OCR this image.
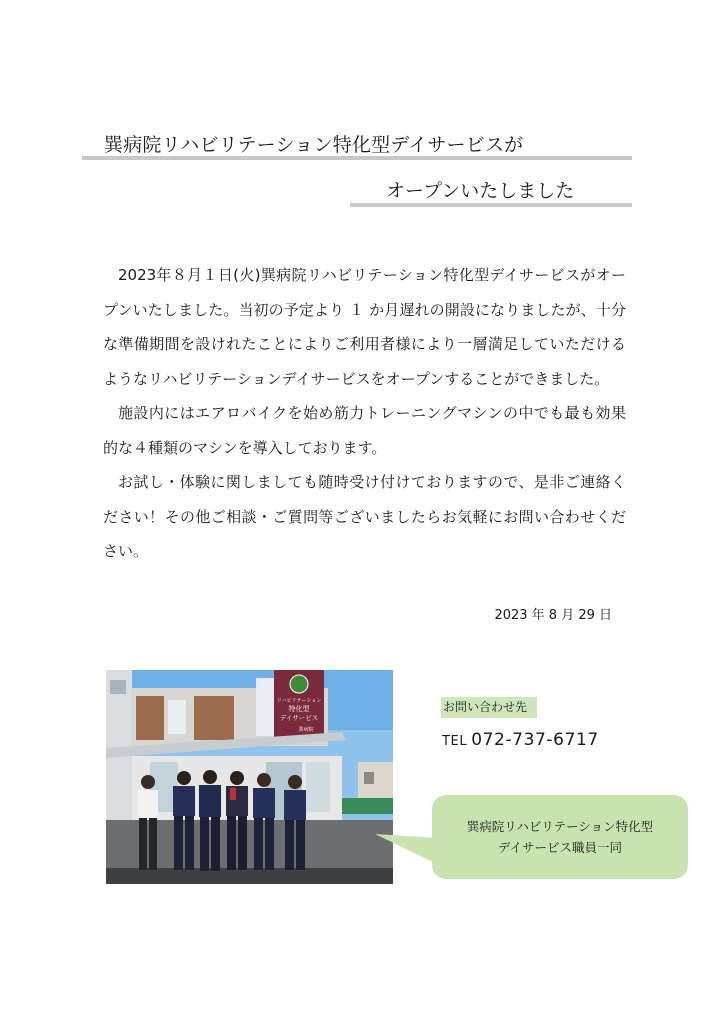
巽病院リハビリテーション特化型デイサービスが
オープンいたしました

2023年８月１日(火)巽病院リハビリテーション特化型デイサービスがオープンいたしました。当初の予定より １ か月遅れの開設になりましたが、十分な準備期間を設けれたことによりご利用者様により一層満足していただけるようなリハビリテーションデイサービスをオープンすることができました。

施設内にはエアロバイクを始め筋力トレーニングマシンの中でも最も効果的な４種類のマシンを導入しております。

お試し・体験に関しましても随時受け付けておりますので、是非ご連絡ください！その他ご相談・ご質問等ございましたらお気軽にお問い合わせください。

2023 年 8 月 29 日
リハビリテーション
特化型
デイサービス
巽病院
お問い合わせ先
TEL 072-737-6717
巽病院リハビリテーション特化型
デイサービス職員一同
